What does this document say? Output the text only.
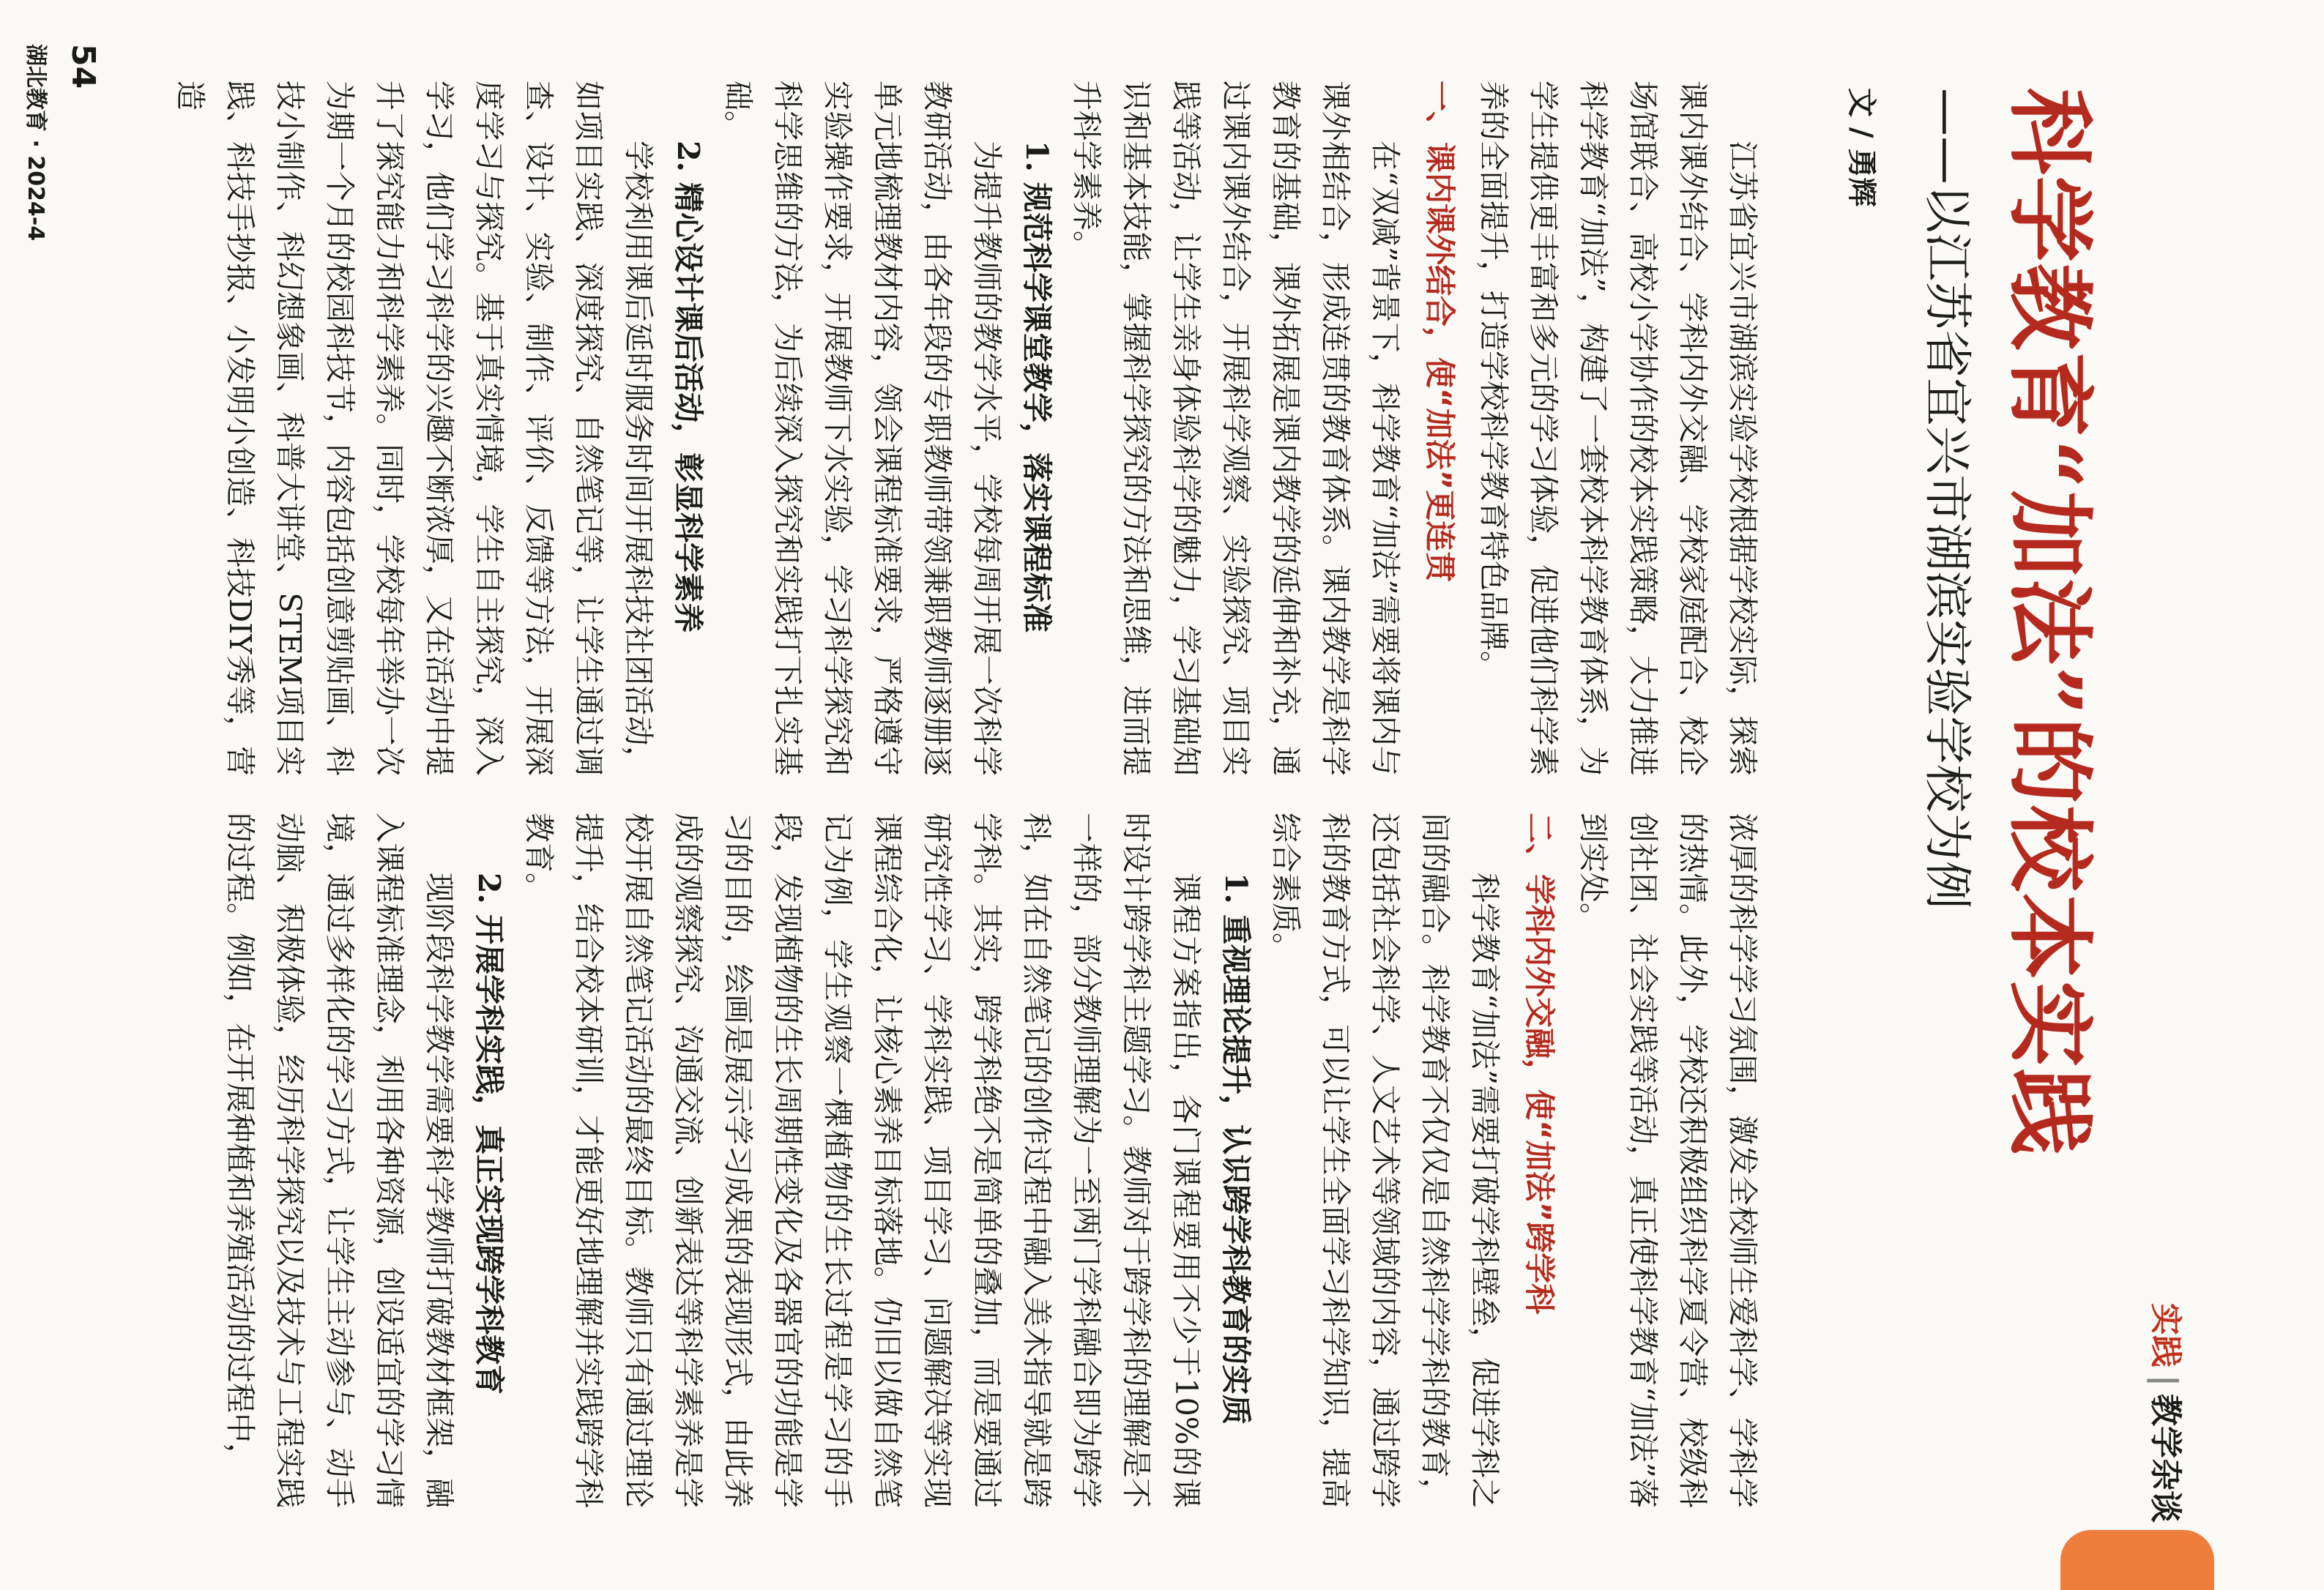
实践|教学杂谈
科学教育“加法”的校本实践
——以江苏省宜兴市湖滨实验学校为例
文 / 勇辉

江苏省宜兴市湖滨实验学校根据学校实际，探索课内课外结合、学科内外交融、学校家庭配合、校企场馆联合、高校小学协作的校本实践策略，大力推进科学教育“加法”，构建了一套校本科学教育体系，为学生提供更丰富和多元的学习体验，促进他们科学素养的全面提升，打造学校科学教育特色品牌。

一、课内课外结合，使“加法”更连贯

在“双减”背景下，科学教育“加法”需要将课内与课外相结合，形成连贯的教育体系。课内教学是科学教育的基础，课外拓展是课内教学的延伸和补充，通过课内课外结合，开展科学观察、实验探究、项目实践等活动，让学生亲身体验科学的魅力，学习基础知识和基本技能，掌握科学探究的方法和思维，进而提升科学素养。

1. 规范科学课堂教学，落实课程标准

为提升教师的教学水平，学校每周开展一次科学教研活动，由各年段的专职教师带领兼职教师逐册逐单元地梳理教材内容，领会课程标准要求，严格遵守实验操作要求，开展教师下水实验，学习科学探究和科学思维的方法，为后续深入探究和实践打下扎实基础。

2. 精心设计课后活动，彰显科学素养

学校利用课后延时服务时间开展科技社团活动，如项目实践、深度探究、自然笔记等，让学生通过调查、设计、实验、制作、评价、反馈等方法，开展深度学习与探究。基于真实情境，学生自主探究，深入学习，他们学习科学的兴趣不断浓厚，又在活动中提升了探究能力和科学素养。同时，学校每年举办一次为期一个月的校园科技节，内容包括创意剪贴画、科技小制作、科幻想象画、科普大讲堂、STEM项目实践、科技手抄报、小发明小创造、科技DIY秀等，营造

浓厚的科学学习氛围，激发全校师生爱科学、学科学的热情。此外，学校还积极组织科学夏令营、校级科创社团、社会实践等活动，真正使科学教育“加法”落到实处。

二、学科内外交融，使“加法”跨学科

科学教育“加法”需要打破学科壁垒，促进学科之间的融合。科学教育不仅仅是自然科学学科的教育，还包括社会科学、人文艺术等领域的内容，通过跨学科的教育方式，可以让学生全面学习科学知识，提高综合素质。

1. 重视理论提升，认识跨学科教育的实质

课程方案指出，各门课程要用不少于10%的课时设计跨学科主题学习。教师对于跨学科的理解是不一样的，部分教师理解为一至两门学科融合即为跨学科，如在自然笔记的创作过程中融入美术指导就是跨学科。其实，跨学科绝不是简单的叠加，而是要通过研究性学习、学科实践、项目学习、问题解决等实现课程综合化，让核心素养目标落地。仍旧以做自然笔记为例，学生观察一棵植物的生长过程是学习的手段，发现植物的生长周期性变化及各器官的功能是学习的目的，绘画是展示学习成果的表现形式，由此养成的观察探究、沟通交流、创新表达等科学素养是学校开展自然笔记活动的最终目标。教师只有通过理论提升，结合校本研训，才能更好地理解并实践跨学科教育。

2. 开展学科实践，真正实现跨学科教育

现阶段科学教学需要科学教师打破教材框架，融入课程标准理念，利用各种资源，创设适宜的学习情境，通过多样化的学习方式，让学生主动参与、动手动脑、积极体验，经历科学探究以及技术与工程实践的过程。例如，在开展种植和养殖活动的过程中，

54
湖北教育 · 2024-4
